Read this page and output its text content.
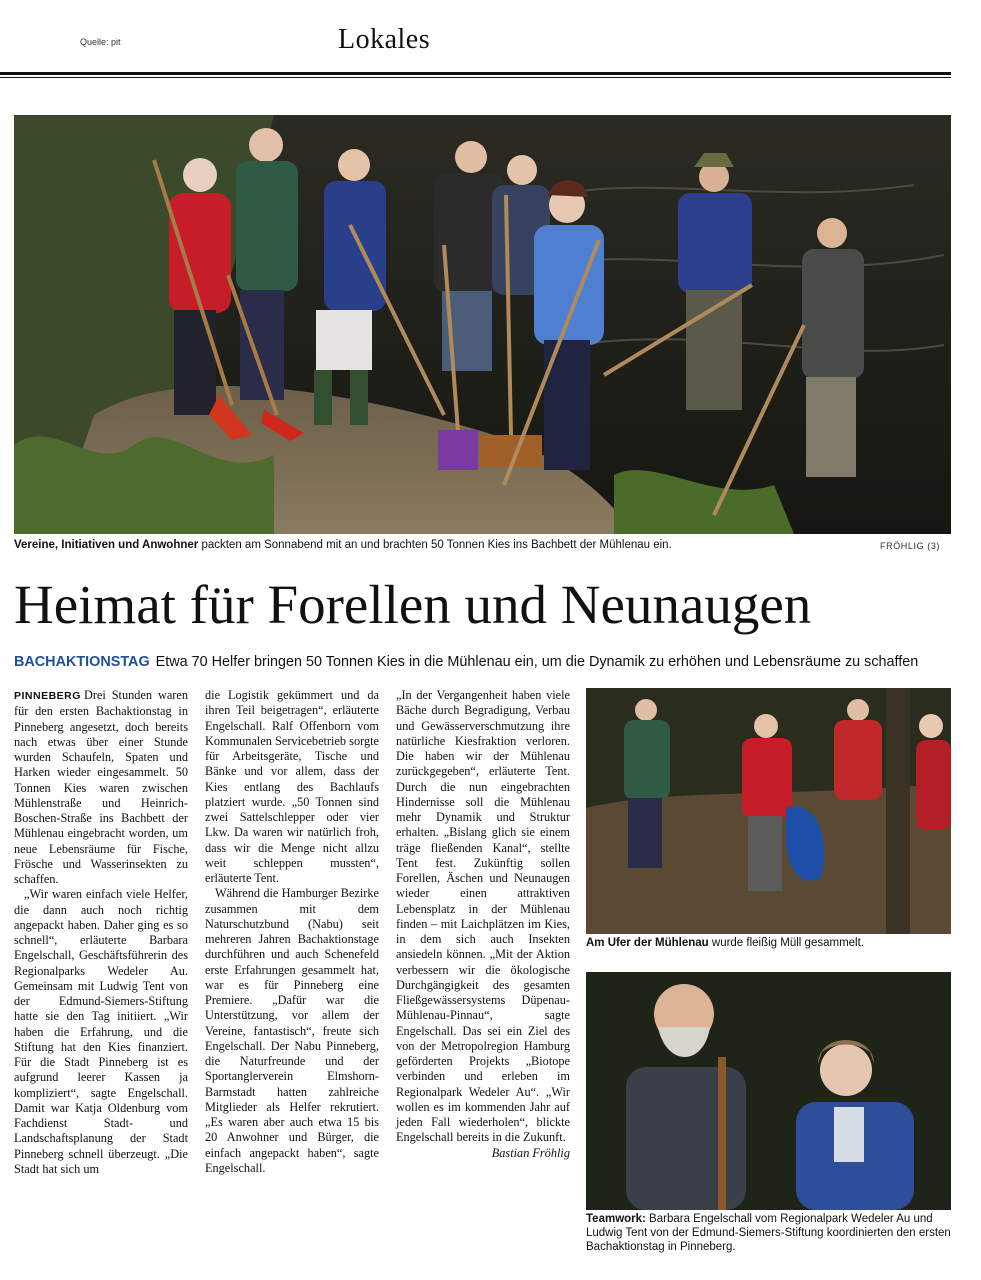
Quelle: pit	Lokales
Vereine, Initiativen und Anwohner packten am Sonnabend mit an und brachten 50 Tonnen Kies ins Bachbett der Mühlenau ein.	FRÖHLIG (3)
Heimat für Forellen und Neunaugen
BACHAKTIONSTAG Etwa 70 Helfer bringen 50 Tonnen Kies in die Mühlenau ein, um die Dynamik zu erhöhen und Lebensräume zu schaffen

PINNEBERG Drei Stunden waren für den ersten Bachaktionstag in Pinneberg angesetzt, doch bereits nach etwas über einer Stunde wurden Schaufeln, Spaten und Harken wieder eingesammelt. 50 Tonnen Kies waren zwischen Mühlenstraße und Heinrich-Boschen-Straße ins Bachbett der Mühlenau eingebracht worden, um neue Lebensräume für Fische, Frösche und Wasserinsekten zu schaffen.

„Wir waren einfach viele Helfer, die dann auch noch richtig angepackt haben. Daher ging es so schnell“, erläuterte Barbara Engelschall, Geschäftsführerin des Regionalparks Wedeler Au. Gemeinsam mit Ludwig Tent von der Edmund-Siemers-Stiftung hatte sie den Tag initiiert. „Wir haben die Erfahrung, und die Stiftung hat den Kies finanziert. Für die Stadt Pinneberg ist es aufgrund leerer Kassen ja kompliziert“, sagte Engelschall. Damit war Katja Oldenburg vom Fachdienst Stadt- und Landschaftsplanung der Stadt Pinneberg schnell überzeugt. „Die Stadt hat sich um

die Logistik gekümmert und da ihren Teil beigetragen“, erläuterte Engelschall. Ralf Offenborn vom Kommunalen Servicebetrieb sorgte für Arbeitsgeräte, Tische und Bänke und vor allem, dass der Kies entlang des Bachlaufs platziert wurde. „50 Tonnen sind zwei Sattelschlepper oder vier Lkw. Da waren wir natürlich froh, dass wir die Menge nicht allzu weit schleppen mussten“, erläuterte Tent.

Während die Hamburger Bezirke zusammen mit dem Naturschutzbund (Nabu) seit mehreren Jahren Bachaktionstage durchführen und auch Schenefeld erste Erfahrungen gesammelt hat, war es für Pinneberg eine Premiere. „Dafür war die Unterstützung, vor allem der Vereine, fantastisch“, freute sich Engelschall. Der Nabu Pinneberg, die Naturfreunde und der Sportanglerverein Elmshorn-Barmstadt hatten zahlreiche Mitglieder als Helfer rekrutiert. „Es waren aber auch etwa 15 bis 20 Anwohner und Bürger, die einfach angepackt haben“, sagte Engelschall.

„In der Vergangenheit haben viele Bäche durch Begradigung, Verbau und Gewässerverschmutzung ihre natürliche Kiesfraktion verloren. Die haben wir der Mühlenau zurückgegeben“, erläuterte Tent. Durch die nun eingebrachten Hindernisse soll die Mühlenau mehr Dynamik und Struktur erhalten. „Bislang glich sie einem träge fließenden Kanal“, stellte Tent fest. Zukünftig sollen Forellen, Äschen und Neunaugen wieder einen attraktiven Lebensplatz in der Mühlenau finden – mit Laichplätzen im Kies, in dem sich auch Insekten ansiedeln können. „Mit der Aktion verbessern wir die ökologische Durchgängigkeit des gesamten Fließgewässersystems Düpenau-Mühlenau-Pinnau“, sagte Engelschall. Das sei ein Ziel des von der Metropolregion Hamburg geförderten Projekts „Biotope verbinden und erleben im Regionalpark Wedeler Au“. „Wir wollen es im kommenden Jahr auf jeden Fall wiederholen“, blickte Engelschall bereits in die Zukunft.
Bastian Fröhlig

Am Ufer der Mühlenau wurde fleißig Müll gesammelt.
Teamwork: Barbara Engelschall vom Regionalpark Wedeler Au und Ludwig Tent von der Edmund-Siemers-Stiftung koordinierten den ersten Bachaktionstag in Pinneberg.
